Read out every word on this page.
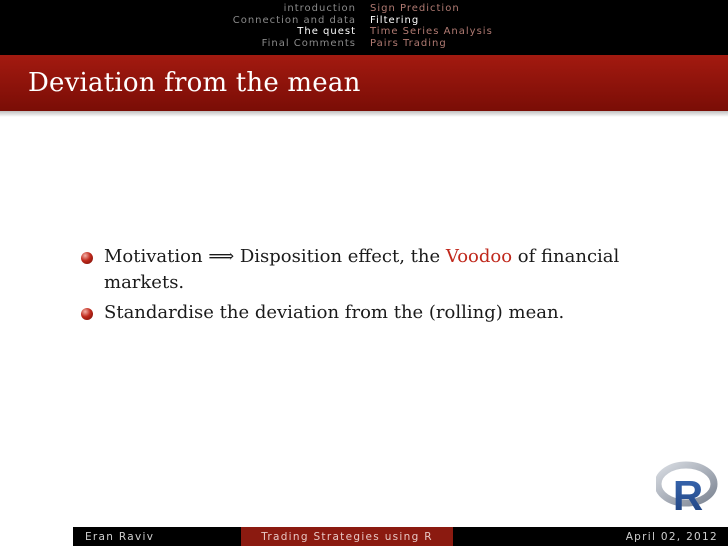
introduction
Connection and data
The quest
Final Comments
Sign Prediction
Filtering
Time Series Analysis
Pairs Trading
Deviation from the mean
Motivation ⟹ Disposition effect, the Voodoo of financial markets.
Standardise the deviation from the (rolling) mean.
R
Eran Raviv	Trading Strategies using R	April 02, 2012
